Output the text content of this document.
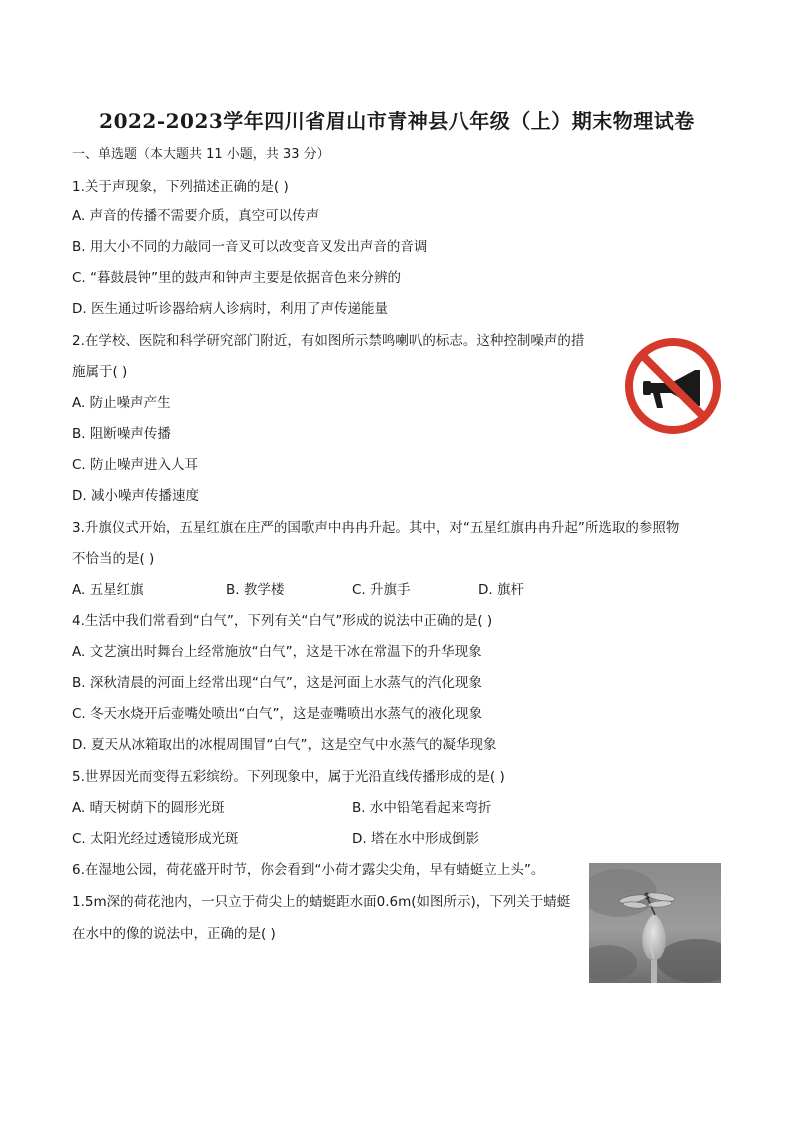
2022-2023学年四川省眉山市青神县八年级（上）期末物理试卷
一、单选题（本大题共 11 小题，共 33 分）
1.关于声现象，下列描述正确的是( )
A. 声音的传播不需要介质，真空可以传声
B. 用大小不同的力敲同一音叉可以改变音叉发出声音的音调
C. “暮鼓晨钟”里的鼓声和钟声主要是依据音色来分辨的
D. 医生通过听诊器给病人诊病时，利用了声传递能量
2.在学校、医院和科学研究部门附近，有如图所示禁鸣喇叭的标志。这种控制噪声的措
施属于( )
A. 防止噪声产生
B. 阻断噪声传播
C. 防止噪声进入人耳
D. 减小噪声传播速度
3.升旗仪式开始，五星红旗在庄严的国歌声中冉冉升起。其中，对“五星红旗冉冉升起”所选取的参照物
不恰当的是( )
A. 五星红旗	B. 教学楼	C. 升旗手	D. 旗杆
4.生活中我们常看到“白气”，下列有关“白气”形成的说法中正确的是( )
A. 文艺演出时舞台上经常施放“白气”，这是干冰在常温下的升华现象
B. 深秋清晨的河面上经常出现“白气”，这是河面上水蒸气的汽化现象
C. 冬天水烧开后壶嘴处喷出“白气”，这是壶嘴喷出水蒸气的液化现象
D. 夏天从冰箱取出的冰棍周围冒“白气”，这是空气中水蒸气的凝华现象
5.世界因光而变得五彩缤纷。下列现象中，属于光沿直线传播形成的是( )
A. 晴天树荫下的圆形光斑	B. 水中铅笔看起来弯折
C. 太阳光经过透镜形成光斑	D. 塔在水中形成倒影
6.在湿地公园，荷花盛开时节，你会看到“小荷才露尖尖角，早有蜻蜓立上头”。
1.5m深的荷花池内，一只立于荷尖上的蜻蜓距水面0.6m(如图所示)，下列关于蜻蜓
在水中的像的说法中，正确的是( )
